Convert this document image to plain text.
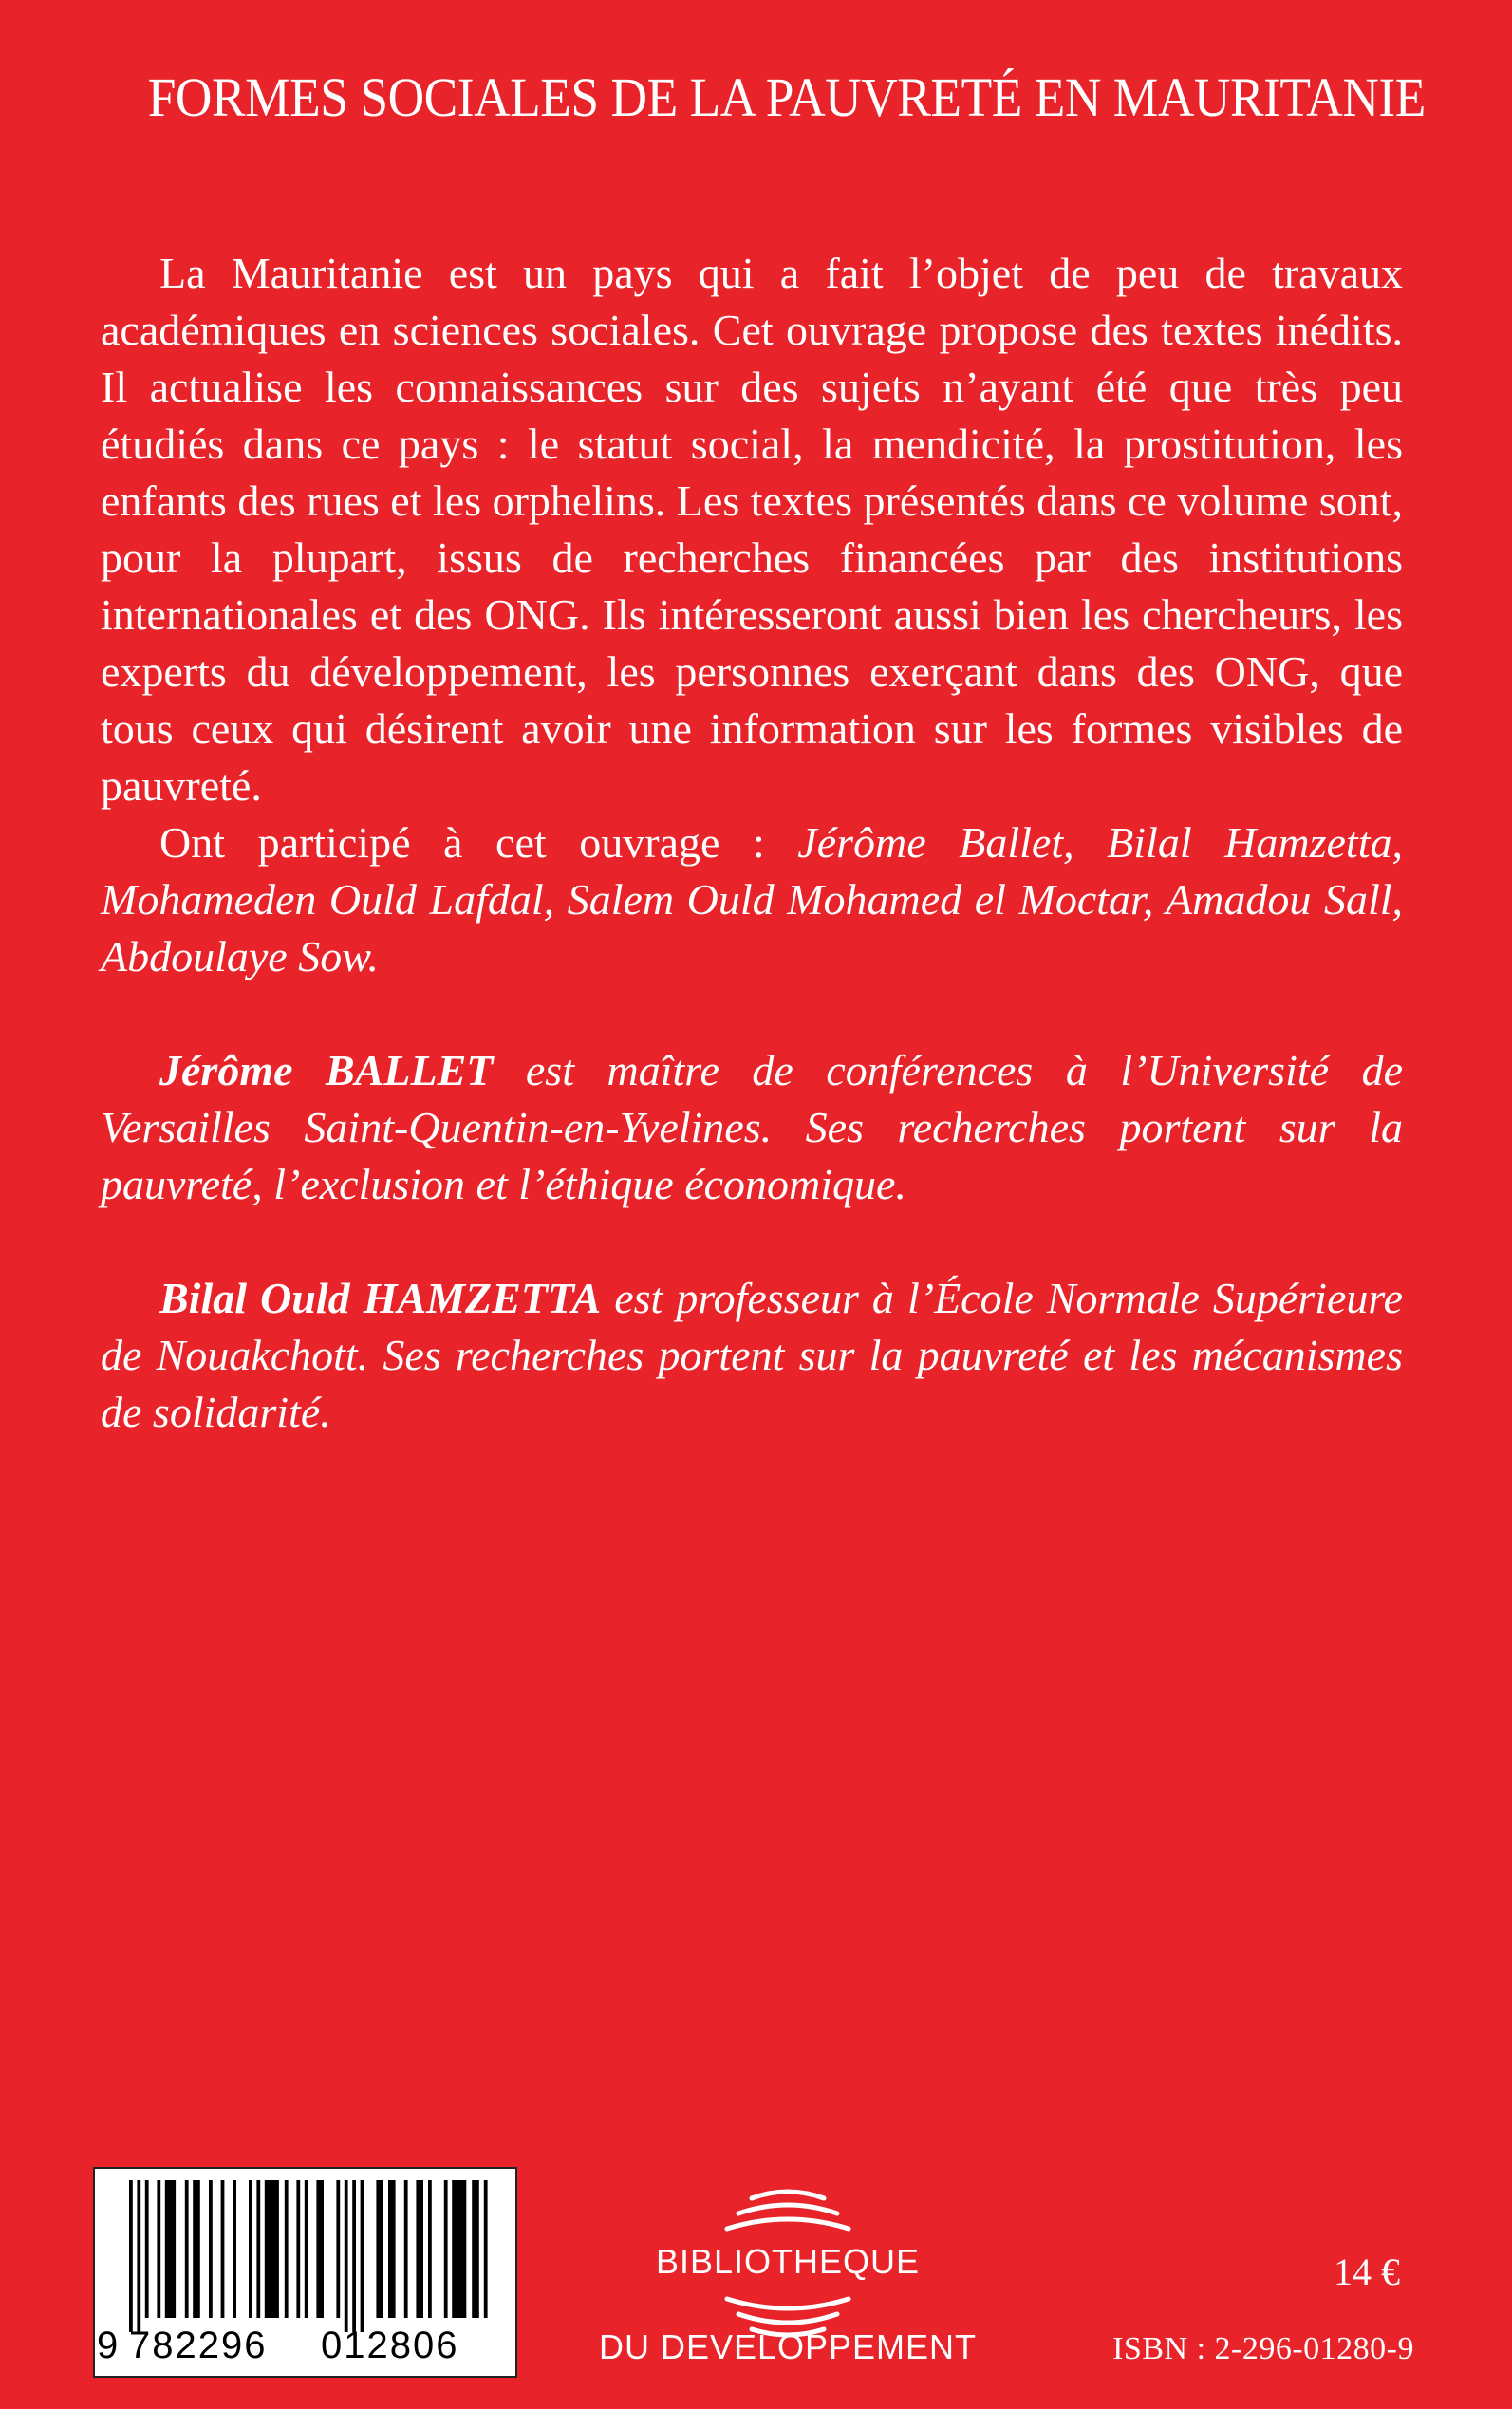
FORMES SOCIALES DE LA PAUVRETÉ EN MAURITANIE

La Mauritanie est un pays qui a fait l’objet de peu de travaux académiques en sciences sociales. Cet ouvrage propose des textes inédits. Il actualise les connaissances sur des sujets n’ayant été que très peu étudiés dans ce pays : le statut social, la mendicité, la prostitution, les enfants des rues et les orphelins. Les textes présentés dans ce volume sont, pour la plupart, issus de recherches financées par des institutions internationales et des ONG. Ils intéresseront aussi bien les chercheurs, les experts du développement, les personnes exerçant dans des ONG, que tous ceux qui désirent avoir une information sur les formes visibles de pauvreté.

Ont participé à cet ouvrage : Jérôme Ballet, Bilal Hamzetta, Mohameden Ould Lafdal, Salem Ould Mohamed el Moctar, Amadou Sall, Abdoulaye Sow.

Jérôme BALLET est maître de conférences à l’Université de Versailles Saint-Quentin-en-Yvelines. Ses recherches portent sur la pauvreté, l’exclusion et l’éthique économique.

Bilal Ould HAMZETTA est professeur à l’École Normale Supérieure de Nouakchott. Ses recherches portent sur la pauvreté et les mécanismes de solidarité.

9 782296 012806
BIBLIOTHEQUE
DU DEVELOPPEMENT
14 €
ISBN : 2-296-01280-9
